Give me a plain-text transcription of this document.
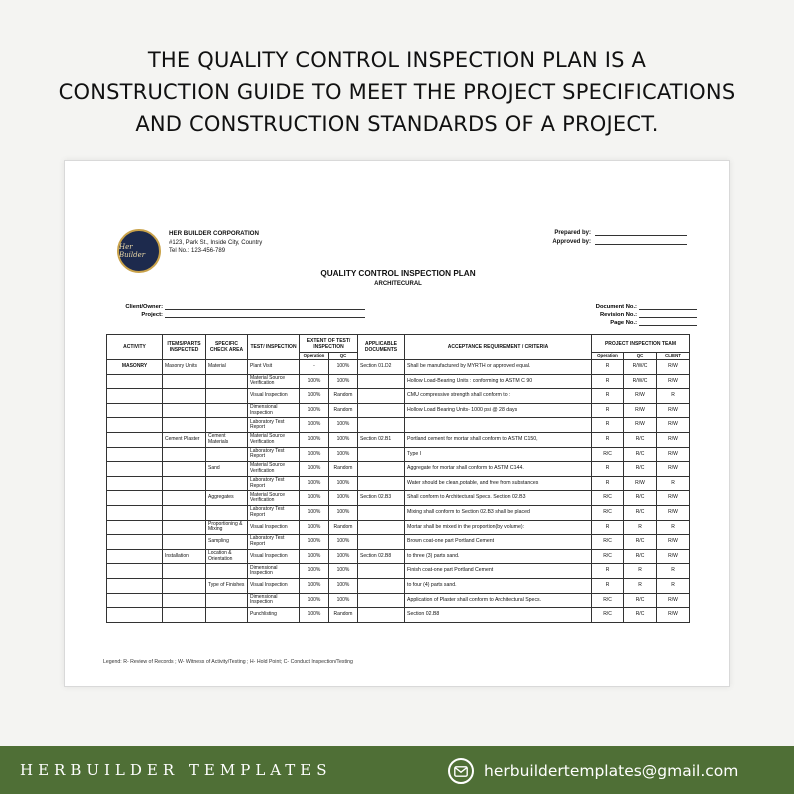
THE QUALITY CONTROL INSPECTION PLAN IS A
CONSTRUCTION GUIDE TO MEET THE PROJECT SPECIFICATIONS
AND CONSTRUCTION STANDARDS OF A PROJECT.
Her Builder
HER BUILDER CORPORATION
#123, Park St., Inside City, Country
Tel No.: 123-456-789
Prepared by:
Approved by:
QUALITY CONTROL INSPECTION PLAN
ARCHITECURAL
Client/Owner:
Project:
Document No.:
Revision No.:
Page No.:
ACTIVITY	ITEMS/PARTS INSPECTED	SPECIFIC CHECK AREA	TEST/ INSPECTION	EXTENT OF TEST/ INSPECTION		APPLICABLE DOCUMENTS	ACCEPTANCE REQUIREMENT / CRITERIA	PROJECT INSPECTION TEAM		
				Operation	QC			Operation	QC	CLIENT
MASONRY	Masonry Units	Material	Plant Visit	-	100%	Section 01.D2	Shall be manufactured by MYRTH or approved equal.	R	R/W/C	R/W
			Material Source Verification	100%	100%		Hollow Load-Bearing Units : conforming to ASTM C 90	R	R/W/C	R/W
			Visual Inspection	100%	Random		CMU compressive strength shall conform to :	R	R/W	R
			Dimensional Inspection	100%	Random		Hollow Load Bearing Units- 1000 psi @ 28 days	R	R/W	R/W
			Laboratory Test Report	100%	100%			R	R/W	R/W
	Cement Plaster	Cement Materials	Material Source Verification	100%	100%	Section 02.B1	Portland cement for mortar shall conform to ASTM C150,	R	R/C	R/W
			Laboratory Test Report	100%	100%		Type I	R/C	R/C	R/W
		Sand	Material Source Verification	100%	Random		Aggregate for mortar shall conform to ASTM C144.	R	R/C	R/W
			Laboratory Test Report	100%	100%		Water should be clean,potable, and free from substances	R	R/W	R
		Aggregates	Material Source Verification	100%	100%	Section 02.B3	Shall conform to Architectural Specs. Section 02.B3	R/C	R/C	R/W
			Laboratory Test Report	100%	100%		Mixing shall conform to Section 02.B3 shall be placed	R/C	R/C	R/W
		Proportioning & Mixing	Visual Inspection	100%	Random		Mortar shall be mixed in the proportion(by volume):	R	R	R
		Sampling	Laboratory Test Report	100%	100%		Brown coat-one part Portland Cement	R/C	R/C	R/W
	Installation	Location & Orientation	Visual Inspection	100%	100%	Section 02.B8	to three (3) parts sand.	R/C	R/C	R/W
			Dimensional Inspection	100%	100%		Finish coat-one part Portland Cement	R	R	R
		Type of Finishes	Visual Inspection	100%	100%		to four (4) parts sand.	R	R	R
			Dimensional Inspection	100%	100%		Application of Plaster shall conform to Architectural Specs.	R/C	R/C	R/W
			Punchlisting	100%	Random		Section 02.B8	R/C	R/C	R/W
Legend: R- Review of Records ; W- Witness of Activity/Testing ; H- Hold Point; C- Conduct Inspection/Testing
HERBUILDER TEMPLATES	herbuildertemplates@gmail.com
